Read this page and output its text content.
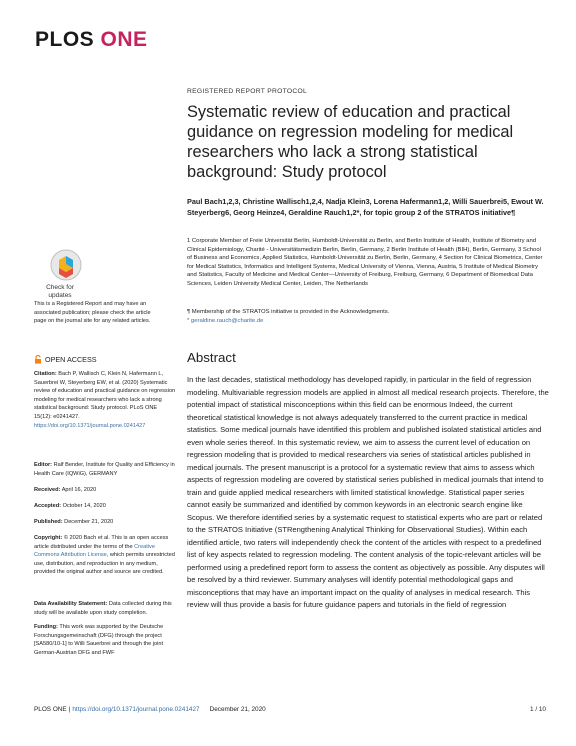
PLOS ONE
Check for updates
This is a Registered Report and may have an associated publication; please check the article page on the journal site for any related articles.
OPEN ACCESS
Citation: Bach P, Wallisch C, Klein N, Hafermann L, Sauerbrei W, Steyerberg EW, et al. (2020) Systematic review of education and practical guidance on regression modeling for medical researchers who lack a strong statistical background: Study protocol. PLoS ONE 15(12): e0241427. https://doi.org/10.1371/journal.pone.0241427
Editor: Ralf Bender, Institute for Quality and Efficiency in Health Care (IQWiG), GERMANY
Received: April 16, 2020
Accepted: October 14, 2020
Published: December 21, 2020
Copyright: © 2020 Bach et al. This is an open access article distributed under the terms of the Creative Commons Attribution License, which permits unrestricted use, distribution, and reproduction in any medium, provided the original author and source are credited.
Data Availability Statement: Data collected during this study will be available upon study completion.
Funding: This work was supported by the Deutsche Forschungsgemeinschaft (DFG) through the project [SA580/10-1] to Willi Sauerbrei and through the joint German-Austrian DFG and FWF
REGISTERED REPORT PROTOCOL
Systematic review of education and practical guidance on regression modeling for medical researchers who lack a strong statistical background: Study protocol
Paul Bach1,2,3, Christine Wallisch1,2,4, Nadja Klein3, Lorena Hafermann1,2, Willi Sauerbrei5, Ewout W. Steyerberg6, Georg Heinze4, Geraldine Rauch1,2*, for topic group 2 of the STRATOS initiative¶
1 Corporate Member of Freie Universität Berlin, Humboldt-Universität zu Berlin, and Berlin Institute of Health, Institute of Biometry and Clinical Epidemiology, Charité - Universitätsmedizin Berlin, Berlin, Germany, 2 Berlin Institute of Health (BIH), Berlin, Germany, 3 School of Business and Economics, Applied Statistics, Humboldt-Universität zu Berlin, Berlin, Germany, 4 Section for Clinical Biometrics, Center for Medical Statistics, Informatics and Intelligent Systems, Medical University of Vienna, Vienna, Austria, 5 Institute of Medical Biometry and Statistics, Faculty of Medicine and Medical Center—University of Freiburg, Freiburg, Germany, 6 Department of Biomedical Data Sciences, Leiden University Medical Center, Leiden, The Netherlands
¶ Membership of the STRATOS initiative is provided in the Acknowledgments.
* geraldine.rauch@charite.de
Abstract

In the last decades, statistical methodology has developed rapidly, in particular in the field of regression modeling. Multivariable regression models are applied in almost all medical research projects. Therefore, the potential impact of statistical misconceptions within this field can be enormous Indeed, the current theoretical statistical knowledge is not always adequately transferred to the current practice in medical statistics. Some medical journals have identified this problem and published isolated statistical articles and even whole series thereof. In this systematic review, we aim to assess the current level of education on regression modeling that is provided to medical researchers via series of statistical articles published in medical journals. The present manuscript is a protocol for a systematic review that aims to assess which aspects of regression modeling are covered by statistical series published in medical journals that intend to train and guide applied medical researchers with limited statistical knowledge. Statistical paper series cannot easily be summarized and identified by common keywords in an electronic search engine like Scopus. We therefore identified series by a systematic request to statistical experts who are part or related to the STRATOS Initiative (STRengthening Analytical Thinking for Observational Studies). Within each identified article, two raters will independently check the content of the articles with respect to a predefined list of key aspects related to regression modeling. The content analysis of the topic-relevant articles will be performed using a predefined report form to assess the content as objectively as possible. Any disputes will be resolved by a third reviewer. Summary analyses will identify potential methodological gaps and misconceptions that may have an important impact on the quality of analyses in medical research. This review will thus provide a basis for future guidance papers and tutorials in the field of regression

PLOS ONE | https://doi.org/10.1371/journal.pone.0241427 December 21, 2020	1 / 10
